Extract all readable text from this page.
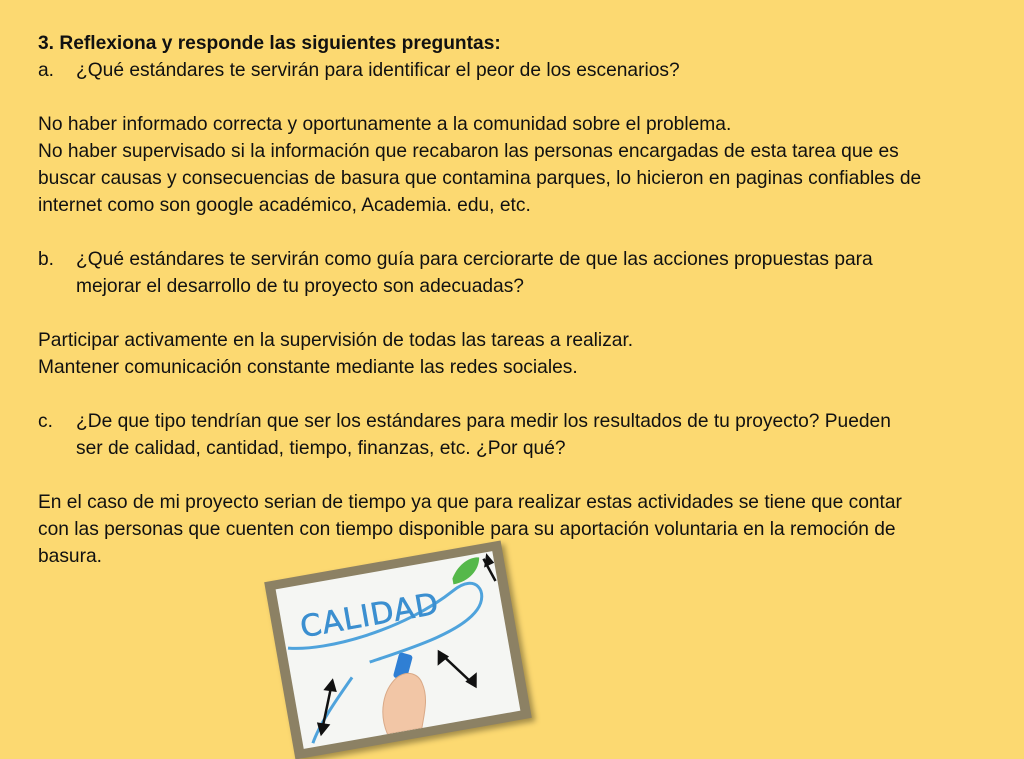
3. Reflexiona y responde las siguientes preguntas:
a.	¿Qué estándares te servirán para identificar el peor de los escenarios?
No haber informado correcta y oportunamente a la comunidad sobre el problema.
No haber supervisado si la información que recabaron las personas encargadas de esta tarea que es
buscar causas y consecuencias de basura que contamina parques, lo hicieron en paginas confiables de
internet como son google académico, Academia. edu, etc.
b.	¿Qué estándares te servirán como guía para cerciorarte de que las acciones propuestas para
mejorar el desarrollo de tu proyecto son adecuadas?
Participar activamente en la supervisión de todas las tareas a realizar.
Mantener comunicación constante mediante las redes sociales.
c.	¿De que tipo tendrían que ser los estándares para medir los resultados de tu proyecto? Pueden
ser de calidad, cantidad, tiempo, finanzas, etc. ¿Por qué?
En el caso de mi proyecto serian de tiempo ya que para realizar estas actividades se tiene que contar
con las personas que cuenten con tiempo disponible para su aportación voluntaria en la remoción de
basura.
CALIDAD
